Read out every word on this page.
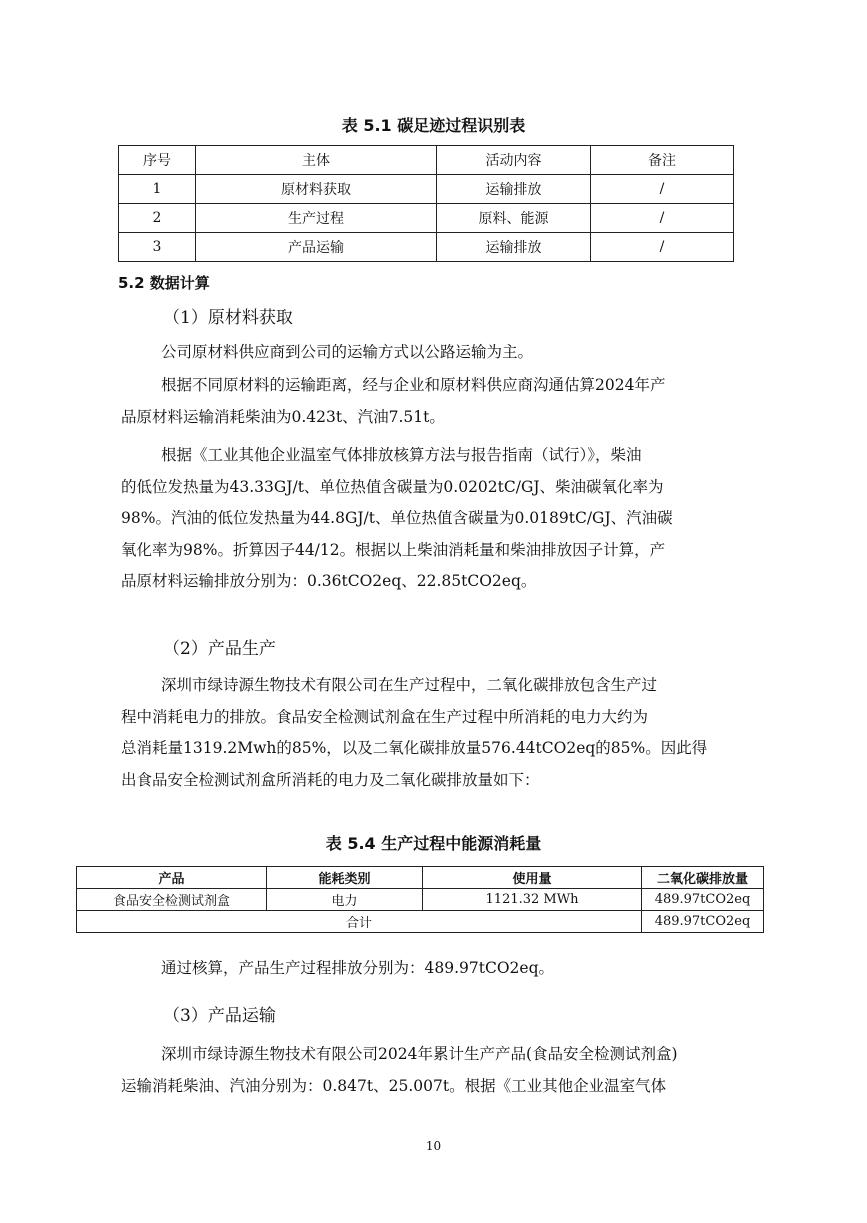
表 5.1 碳足迹过程识别表
序号	主体	活动内容	备注
1	原材料获取	运输排放	/
2	生产过程	原料、能源	/
3	产品运输	运输排放	/
5.2 数据计算
（1）原材料获取
公司原材料供应商到公司的运输方式以公路运输为主。
根据不同原材料的运输距离，经与企业和原材料供应商沟通估算2024年产
品原材料运输消耗柴油为0.423t、汽油7.51t。
根据《工业其他企业温室气体排放核算方法与报告指南（试行）》，柴油
的低位发热量为43.33GJ/t、单位热值含碳量为0.0202tC/GJ、柴油碳氧化率为
98%。汽油的低位发热量为44.8GJ/t、单位热值含碳量为0.0189tC/GJ、汽油碳
氧化率为98%。折算因子44/12。根据以上柴油消耗量和柴油排放因子计算，产
品原材料运输排放分别为：0.36tCO2eq、22.85tCO2eq。
（2）产品生产
深圳市绿诗源生物技术有限公司在生产过程中，二氧化碳排放包含生产过
程中消耗电力的排放。食品安全检测试剂盒在生产过程中所消耗的电力大约为
总消耗量1319.2Mwh的85%，以及二氧化碳排放量576.44tCO2eq的85%。因此得
出食品安全检测试剂盒所消耗的电力及二氧化碳排放量如下：
表 5.4 生产过程中能源消耗量
产品	能耗类别	使用量	二氧化碳排放量
食品安全检测试剂盒	电力	1121.32 MWh	489.97tCO2eq
合计			489.97tCO2eq
通过核算，产品生产过程排放分别为：489.97tCO2eq。
（3）产品运输
深圳市绿诗源生物技术有限公司2024年累计生产产品(食品安全检测试剂盒)
运输消耗柴油、汽油分别为：0.847t、25.007t。根据《工业其他企业温室气体
10
